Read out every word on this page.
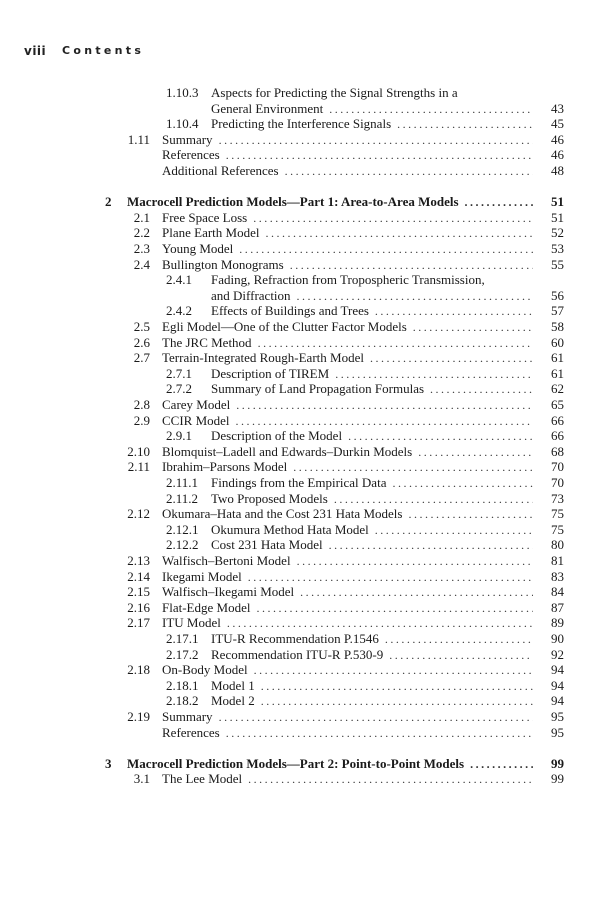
viii Contents
1.10.3 Aspects for Predicting the Signal Strengths in a
General Environment . . .	43
1.10.4 Predicting the Interference Signals . . .	45
1.11 Summary . . .	46
References . . .	46
Additional References . . .	48
2 Macrocell Prediction Models—Part 1: Area-to-Area Models . . .	51
2.1 Free Space Loss . . .	51
2.2 Plane Earth Model . . .	52
2.3 Young Model . . .	53
2.4 Bullington Monograms . . .	55
2.4.1 Fading, Refraction from Tropospheric Transmission,
and Diffraction . . .	56
2.4.2 Effects of Buildings and Trees . . .	57
2.5 Egli Model—One of the Clutter Factor Models . . .	58
2.6 The JRC Method . . .	60
2.7 Terrain-Integrated Rough-Earth Model . . .	61
2.7.1 Description of TIREM . . .	61
2.7.2 Summary of Land Propagation Formulas . . .	62
2.8 Carey Model . . .	65
2.9 CCIR Model . . .	66
2.9.1 Description of the Model . . .	66
2.10 Blomquist–Ladell and Edwards–Durkin Models . . .	68
2.11 Ibrahim–Parsons Model . . .	70
2.11.1 Findings from the Empirical Data . . .	70
2.11.2 Two Proposed Models . . .	73
2.12 Okumara–Hata and the Cost 231 Hata Models . . .	75
2.12.1 Okumura Method Hata Model . . .	75
2.12.2 Cost 231 Hata Model . . .	80
2.13 Walfisch–Bertoni Model . . .	81
2.14 Ikegami Model . . .	83
2.15 Walfisch–Ikegami Model . . .	84
2.16 Flat-Edge Model . . .	87
2.17 ITU Model . . .	89
2.17.1 ITU-R Recommendation P.1546 . . .	90
2.17.2 Recommendation ITU-R P.530-9 . . .	92
2.18 On-Body Model . . .	94
2.18.1 Model 1 . . .	94
2.18.2 Model 2 . . .	94
2.19 Summary . . .	95
References . . .	95
3 Macrocell Prediction Models—Part 2: Point-to-Point Models . . .	99
3.1 The Lee Model . . .	99
